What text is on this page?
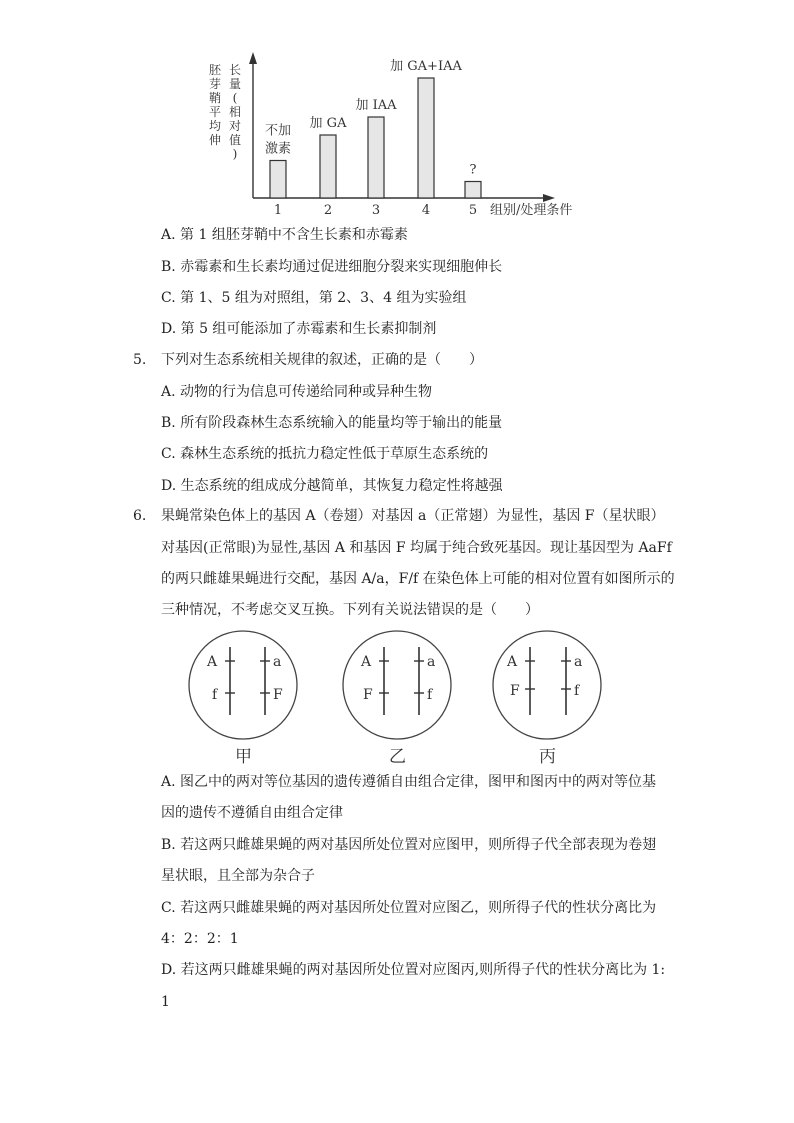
胚
芽
鞘
平
均
伸
长
量
(
相
对
值
)
1
不加
激素
2
加 GA
3
加 IAA
4
加 GA+IAA
5
?
组别/处理条件
A. 第 1 组胚芽鞘中不含生长素和赤霉素
B. 赤霉素和生长素均通过促进细胞分裂来实现细胞伸长
C. 第 1、5 组为对照组，第 2、3、4 组为实验组
D. 第 5 组可能添加了赤霉素和生长素抑制剂
5. 下列对生态系统相关规律的叙述，正确的是（　　）
A. 动物的行为信息可传递给同种或异种生物
B. 所有阶段森林生态系统输入的能量均等于输出的能量
C. 森林生态系统的抵抗力稳定性低于草原生态系统的
D. 生态系统的组成成分越简单，其恢复力稳定性将越强
6. 果蝇常染色体上的基因 A（卷翅）对基因 a（正常翅）为显性，基因 F（星状眼）
对基因(正常眼)为显性,基因 A 和基因 F 均属于纯合致死基因。现让基因型为 AaFf
的两只雌雄果蝇进行交配，基因 A/a，F/f 在染色体上可能的相对位置有如图所示的
三种情况，不考虑交叉互换。下列有关说法错误的是（　　）
A	a
f	F
甲
A	a
F	f
乙
A	a
F	f
丙
A. 图乙中的两对等位基因的遗传遵循自由组合定律，图甲和图丙中的两对等位基
因的遗传不遵循自由组合定律
B. 若这两只雌雄果蝇的两对基因所处位置对应图甲，则所得子代全部表现为卷翅
星状眼，且全部为杂合子
C. 若这两只雌雄果蝇的两对基因所处位置对应图乙，则所得子代的性状分离比为
4：2：2：1
D. 若这两只雌雄果蝇的两对基因所处位置对应图丙,则所得子代的性状分离比为 1:
1
